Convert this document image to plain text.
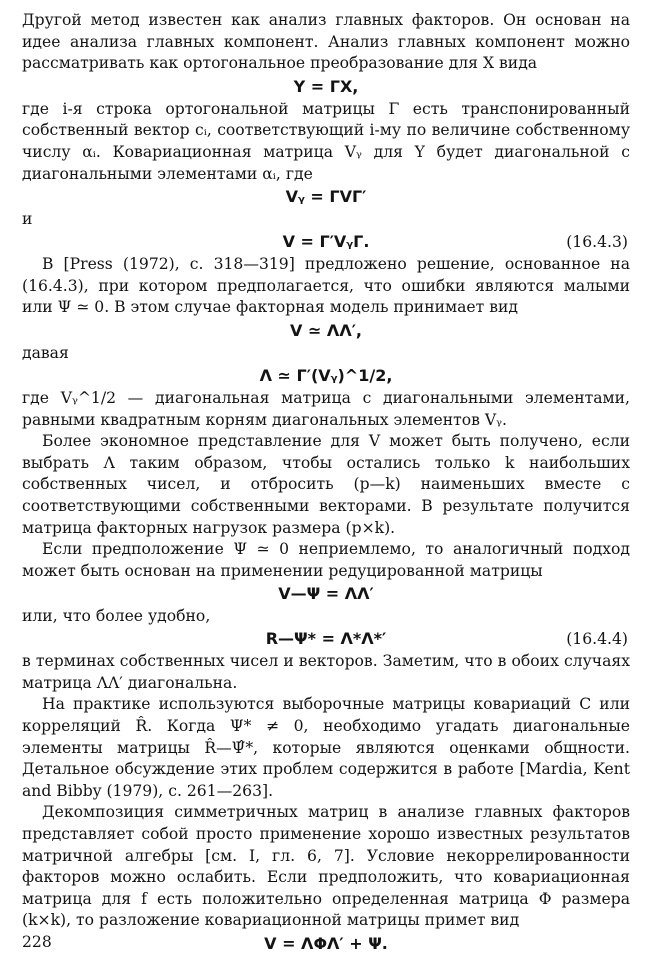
Другой метод известен как анализ главных факторов. Он основан на идее анализа главных компонент. Анализ главных компонент можно рассматривать как ортогональное преобразование для X вида

Y = ΓX,

где i-я строка ортогональной матрицы Γ есть транспонированный собственный вектор cᵢ, соответствующий i-му по величине собственному числу αᵢ. Ковариационная матрица Vᵧ для Y будет диагональной с диагональными элементами αᵢ, где

Vᵧ = ΓVΓ′

и

V = Γ′VᵧΓ.	(16.4.3)

В [Press (1972), с. 318—319] предложено решение, основанное на (16.4.3), при котором предполагается, что ошибки являются малыми или Ψ ≃ 0. В этом случае факторная модель принимает вид

V ≃ ΛΛ′,

давая

Λ ≃ Γ′(Vᵧ)^1/2,

где Vᵧ^1/2 — диагональная матрица с диагональными элементами, равными квадратным корням диагональных элементов Vᵧ.

Более экономное представление для V может быть получено, если выбрать Λ таким образом, чтобы остались только k наибольших собственных чисел, и отбросить (p—k) наименьших вместе с соответствующими собственными векторами. В результате получится матрица факторных нагрузок размера (p×k).

Если предположение Ψ ≃ 0 неприемлемо, то аналогичный подход может быть основан на применении редуцированной матрицы

V—Ψ = ΛΛ′

или, что более удобно,

R—Ψ* = Λ*Λ*′	(16.4.4)

в терминах собственных чисел и векторов. Заметим, что в обоих случаях матрица ΛΛ′ диагональна.

На практике используются выборочные матрицы ковариаций C или корреляций R̂. Когда Ψ* ≠ 0, необходимо угадать диагональные элементы матрицы R̂—Ψ̂*, которые являются оценками общности. Детальное обсуждение этих проблем содержится в работе [Mardia, Kent and Bibby (1979), с. 261—263].

Декомпозиция симметричных матриц в анализе главных факторов представляет собой просто применение хорошо известных результатов матричной алгебры [см. I, гл. 6, 7]. Условие некоррелированности факторов можно ослабить. Если предположить, что ковариационная матрица для f есть положительно определенная матрица Φ размера (k×k), то разложение ковариационной матрицы примет вид

V = ΛΦΛ′ + Ψ.
228
